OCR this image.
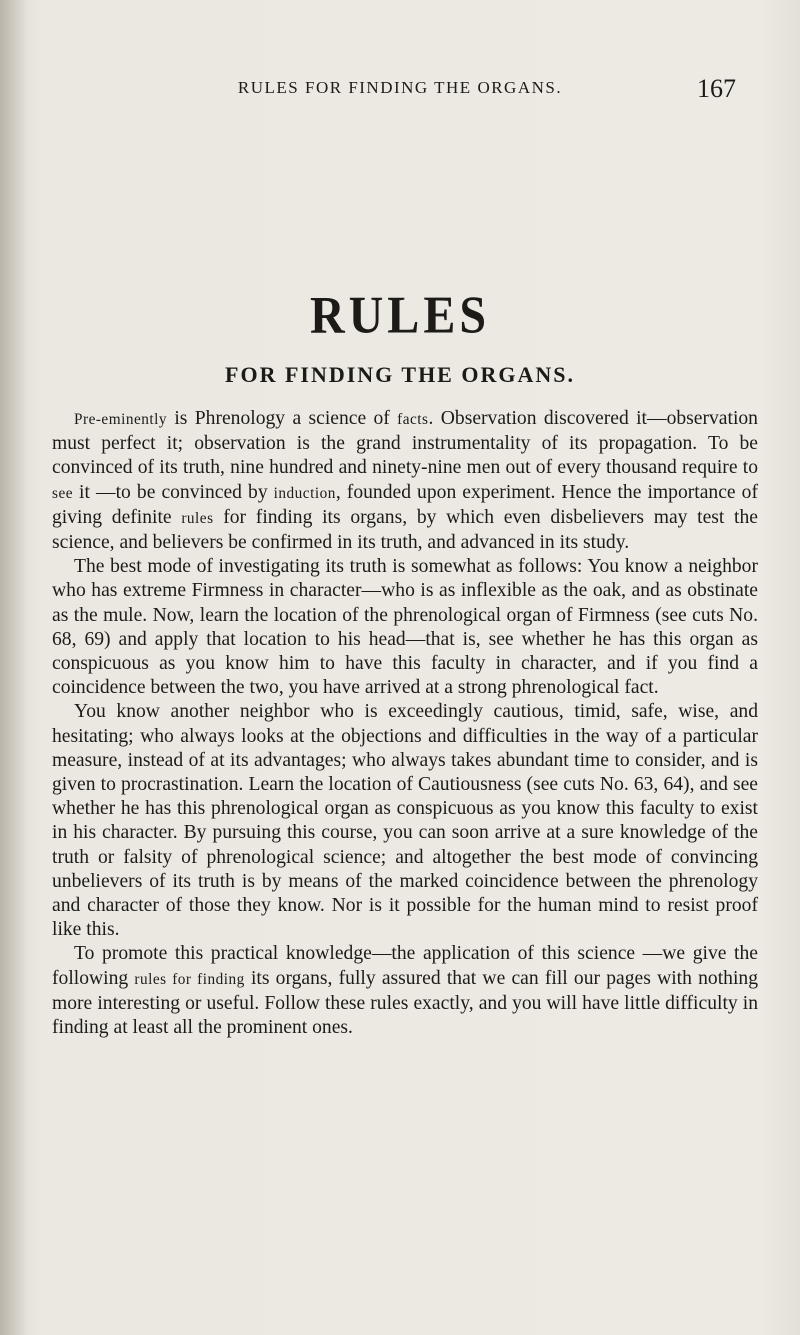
RULES FOR FINDING THE ORGANS.	167
RULES
FOR FINDING THE ORGANS.

Pre-eminently is Phrenology a science of facts. Observation discovered it—observation must perfect it; observation is the grand instrumentality of its propagation. To be convinced of its truth, nine hundred and ninety-nine men out of every thousand require to see it —to be convinced by induction, founded upon experiment. Hence the importance of giving definite rules for finding its organs, by which even disbelievers may test the science, and believers be confirmed in its truth, and advanced in its study.

The best mode of investigating its truth is somewhat as follows: You know a neighbor who has extreme Firmness in character—who is as inflexible as the oak, and as obstinate as the mule. Now, learn the location of the phrenological organ of Firmness (see cuts No. 68, 69) and apply that location to his head—that is, see whether he has this organ as conspicuous as you know him to have this faculty in character, and if you find a coincidence between the two, you have arrived at a strong phrenological fact.

You know another neighbor who is exceedingly cautious, timid, safe, wise, and hesitating; who always looks at the objections and difficulties in the way of a particular measure, instead of at its advantages; who always takes abundant time to consider, and is given to procrastination. Learn the location of Cautiousness (see cuts No. 63, 64), and see whether he has this phrenological organ as conspicuous as you know this faculty to exist in his character. By pursuing this course, you can soon arrive at a sure knowledge of the truth or falsity of phrenological science; and altogether the best mode of convincing unbelievers of its truth is by means of the marked coincidence between the phrenology and character of those they know. Nor is it possible for the human mind to resist proof like this.

To promote this practical knowledge—the application of this science —we give the following rules for finding its organs, fully assured that we can fill our pages with nothing more interesting or useful. Follow these rules exactly, and you will have little difficulty in finding at least all the prominent ones.
